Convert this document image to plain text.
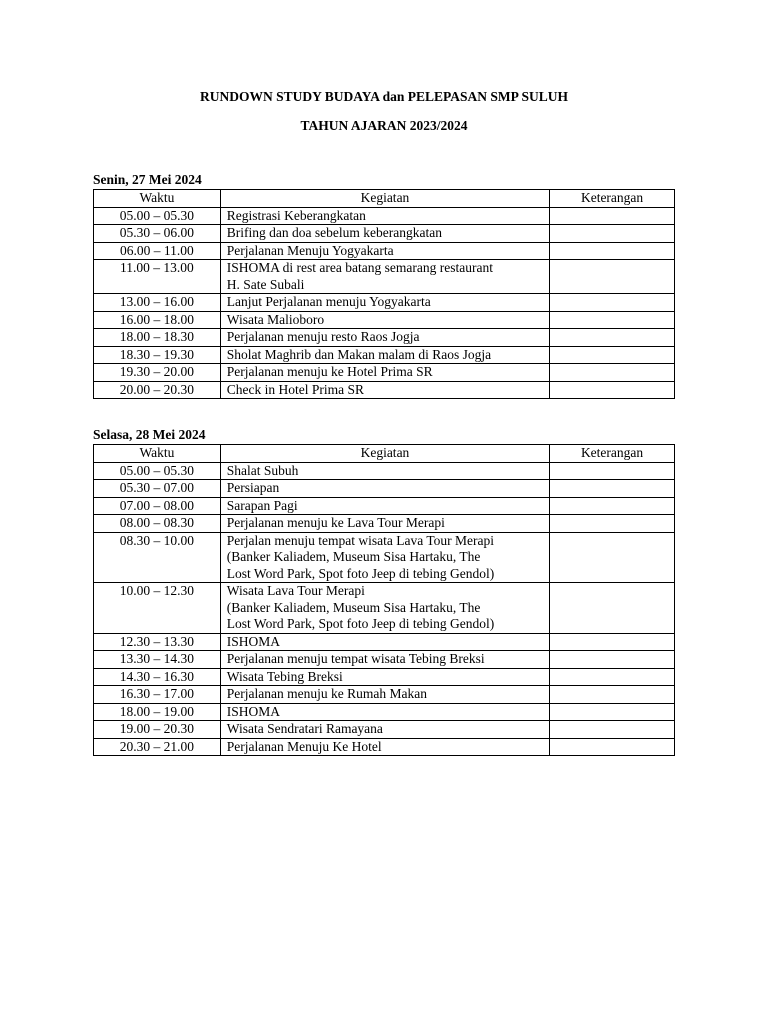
RUNDOWN STUDY BUDAYA dan PELEPASAN SMP SULUH
TAHUN AJARAN 2023/2024
Senin, 27 Mei 2024
Waktu	Kegiatan	Keterangan
05.00 – 05.30	Registrasi Keberangkatan	

05.30 – 06.00	Brifing dan doa sebelum keberangkatan	

06.00 – 11.00	Perjalanan Menuju Yogyakarta	

11.00 – 13.00	ISHOMA di rest area batang semarang restaurant
H. Sate Subali	

13.00 – 16.00	Lanjut Perjalanan menuju Yogyakarta	

16.00 – 18.00	Wisata Malioboro	

18.00 – 18.30	Perjalanan menuju resto Raos Jogja	

18.30 – 19.30	Sholat Maghrib dan Makan malam di Raos Jogja	

19.30 – 20.00	Perjalanan menuju ke Hotel Prima SR	

20.00 – 20.30	Check in Hotel Prima SR	

Selasa, 28 Mei 2024
Waktu	Kegiatan	Keterangan
05.00 – 05.30	Shalat Subuh	

05.30 – 07.00	Persiapan	

07.00 – 08.00	Sarapan Pagi	

08.00 – 08.30	Perjalanan menuju ke Lava Tour Merapi	

08.30 – 10.00	Perjalan menuju tempat wisata Lava Tour Merapi
(Banker Kaliadem, Museum Sisa Hartaku, The
Lost Word Park, Spot foto Jeep di tebing Gendol)	

10.00 – 12.30	Wisata Lava Tour Merapi
(Banker Kaliadem, Museum Sisa Hartaku, The
Lost Word Park, Spot foto Jeep di tebing Gendol)	

12.30 – 13.30	ISHOMA	

13.30 – 14.30	Perjalanan menuju tempat wisata Tebing Breksi	

14.30 – 16.30	Wisata Tebing Breksi	

16.30 – 17.00	Perjalanan menuju ke Rumah Makan	

18.00 – 19.00	ISHOMA	

19.00 – 20.30	Wisata Sendratari Ramayana	

20.30 – 21.00	Perjalanan Menuju Ke Hotel	
